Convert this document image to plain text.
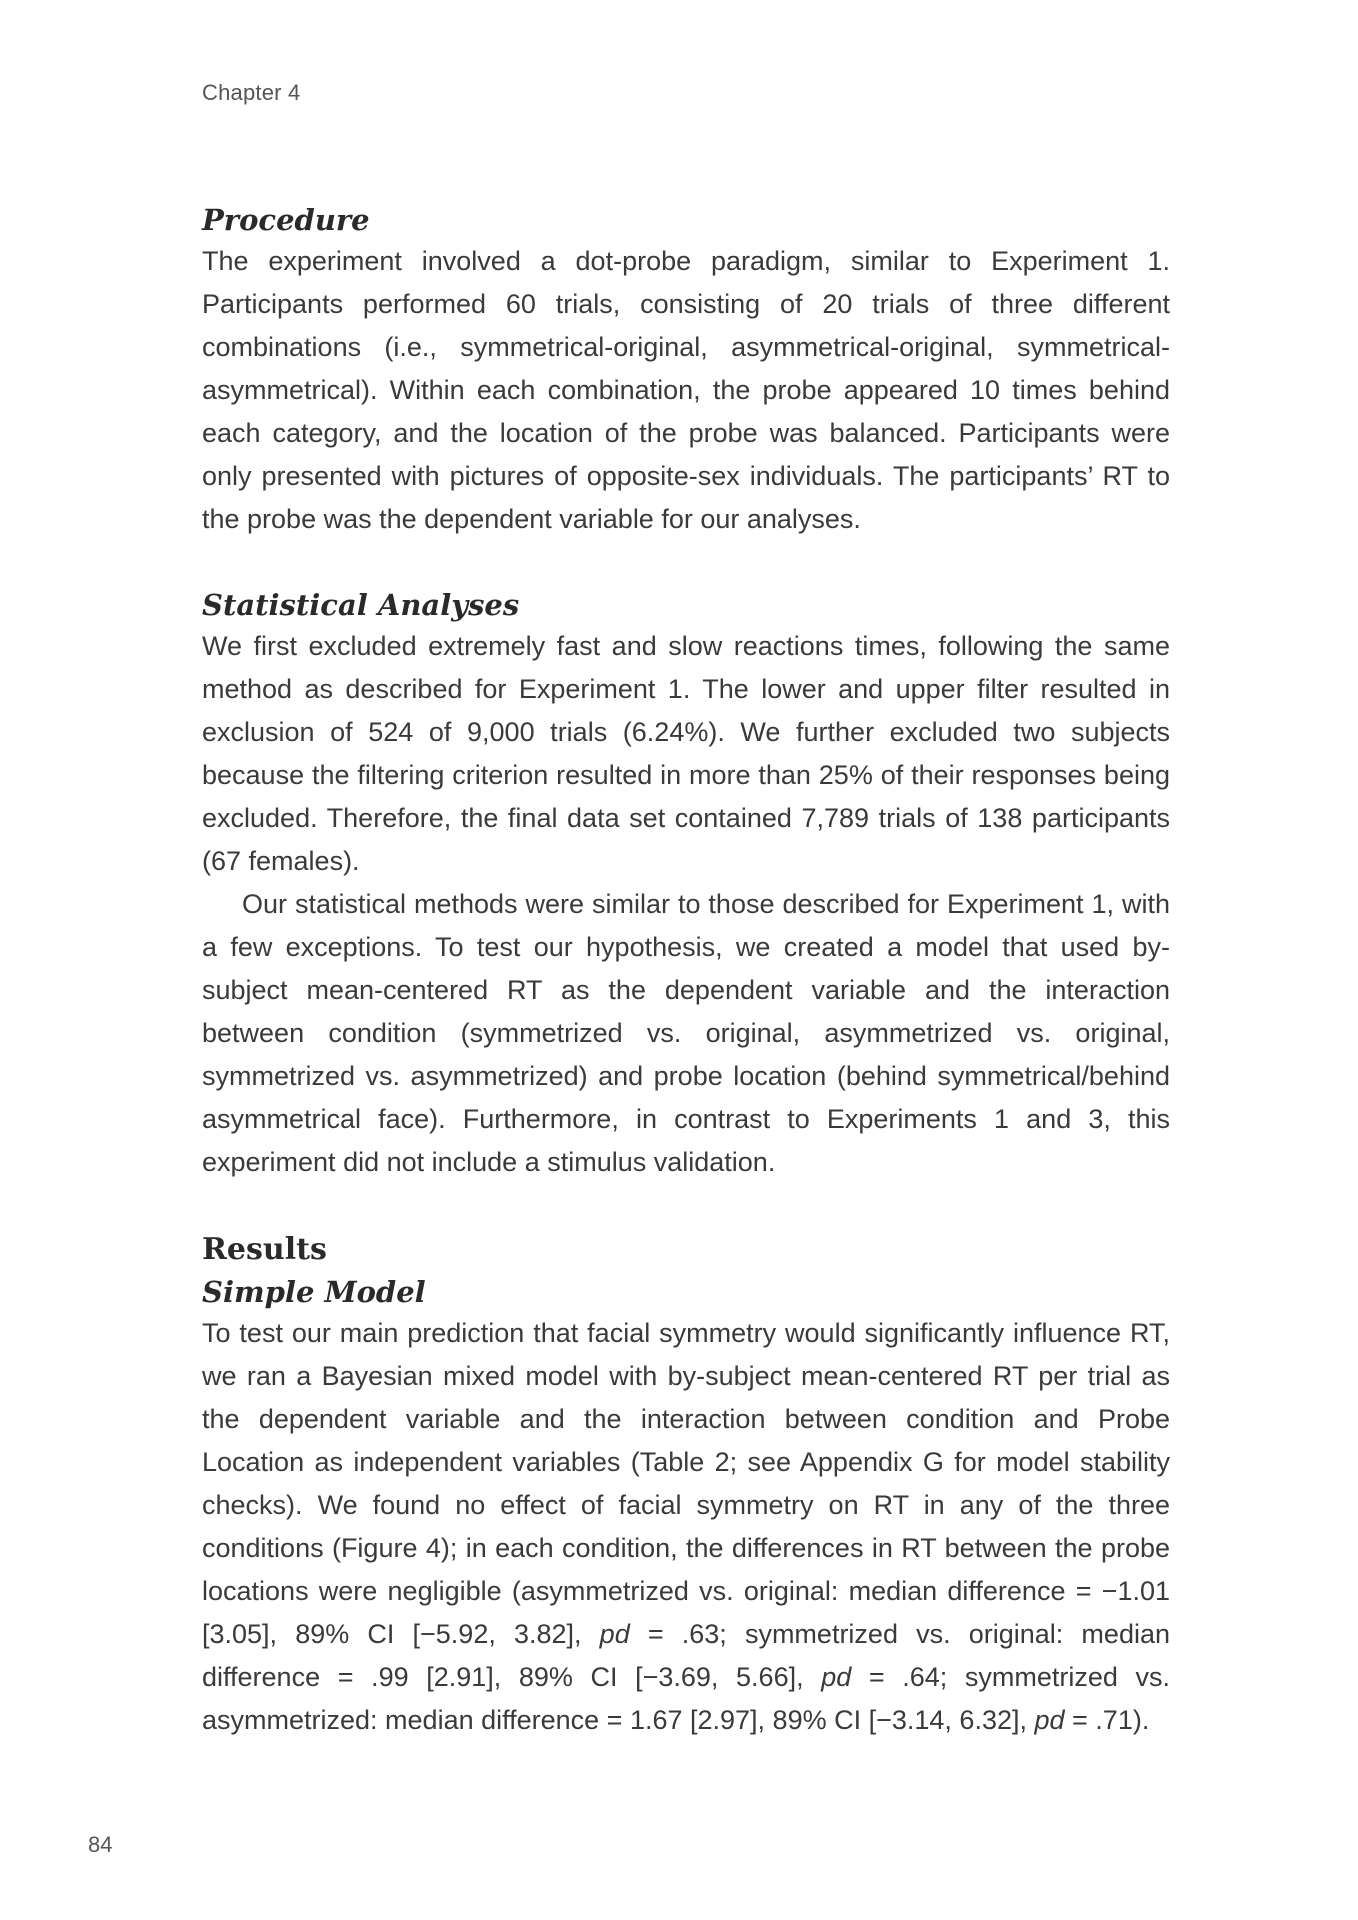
Chapter 4
Procedure

The experiment involved a dot-probe paradigm, similar to Experiment 1. Participants performed 60 trials, consisting of 20 trials of three different combinations (i.e., symmetrical-original, asymmetrical-original, symmetrical-asymmetrical). Within each combination, the probe appeared 10 times behind each category, and the location of the probe was balanced. Participants were only presented with pictures of opposite-sex individuals. The participants’ RT to the probe was the dependent variable for our analyses.

Statistical Analyses

We first excluded extremely fast and slow reactions times, following the same method as described for Experiment 1. The lower and upper filter resulted in exclusion of 524 of 9,000 trials (6.24%). We further excluded two subjects because the filtering criterion resulted in more than 25% of their responses being excluded. Therefore, the final data set contained 7,789 trials of 138 participants (67 females).

Our statistical methods were similar to those described for Experiment 1, with a few exceptions. To test our hypothesis, we created a model that used by-subject mean-centered RT as the dependent variable and the interaction between condition (symmetrized vs. original, asymmetrized vs. original, symmetrized vs. asymmetrized) and probe location (behind symmetrical/behind asymmetrical face). Furthermore, in contrast to Experiments 1 and 3, this experiment did not include a stimulus validation.

Results
Simple Model

To test our main prediction that facial symmetry would significantly influence RT, we ran a Bayesian mixed model with by-subject mean-centered RT per trial as the dependent variable and the interaction between condition and Probe Location as independent variables (Table 2; see Appendix G for model stability checks). We found no effect of facial symmetry on RT in any of the three conditions (Figure 4); in each condition, the differences in RT between the probe locations were negligible (asymmetrized vs. original: median difference = −1.01 [3.05], 89% CI [−5.92, 3.82], pd = .63; symmetrized vs. original: median difference = .99 [2.91], 89% CI [−3.69, 5.66], pd = .64; symmetrized vs. asymmetrized: median difference = 1.67 [2.97], 89% CI [−3.14, 6.32], pd = .71).

84
